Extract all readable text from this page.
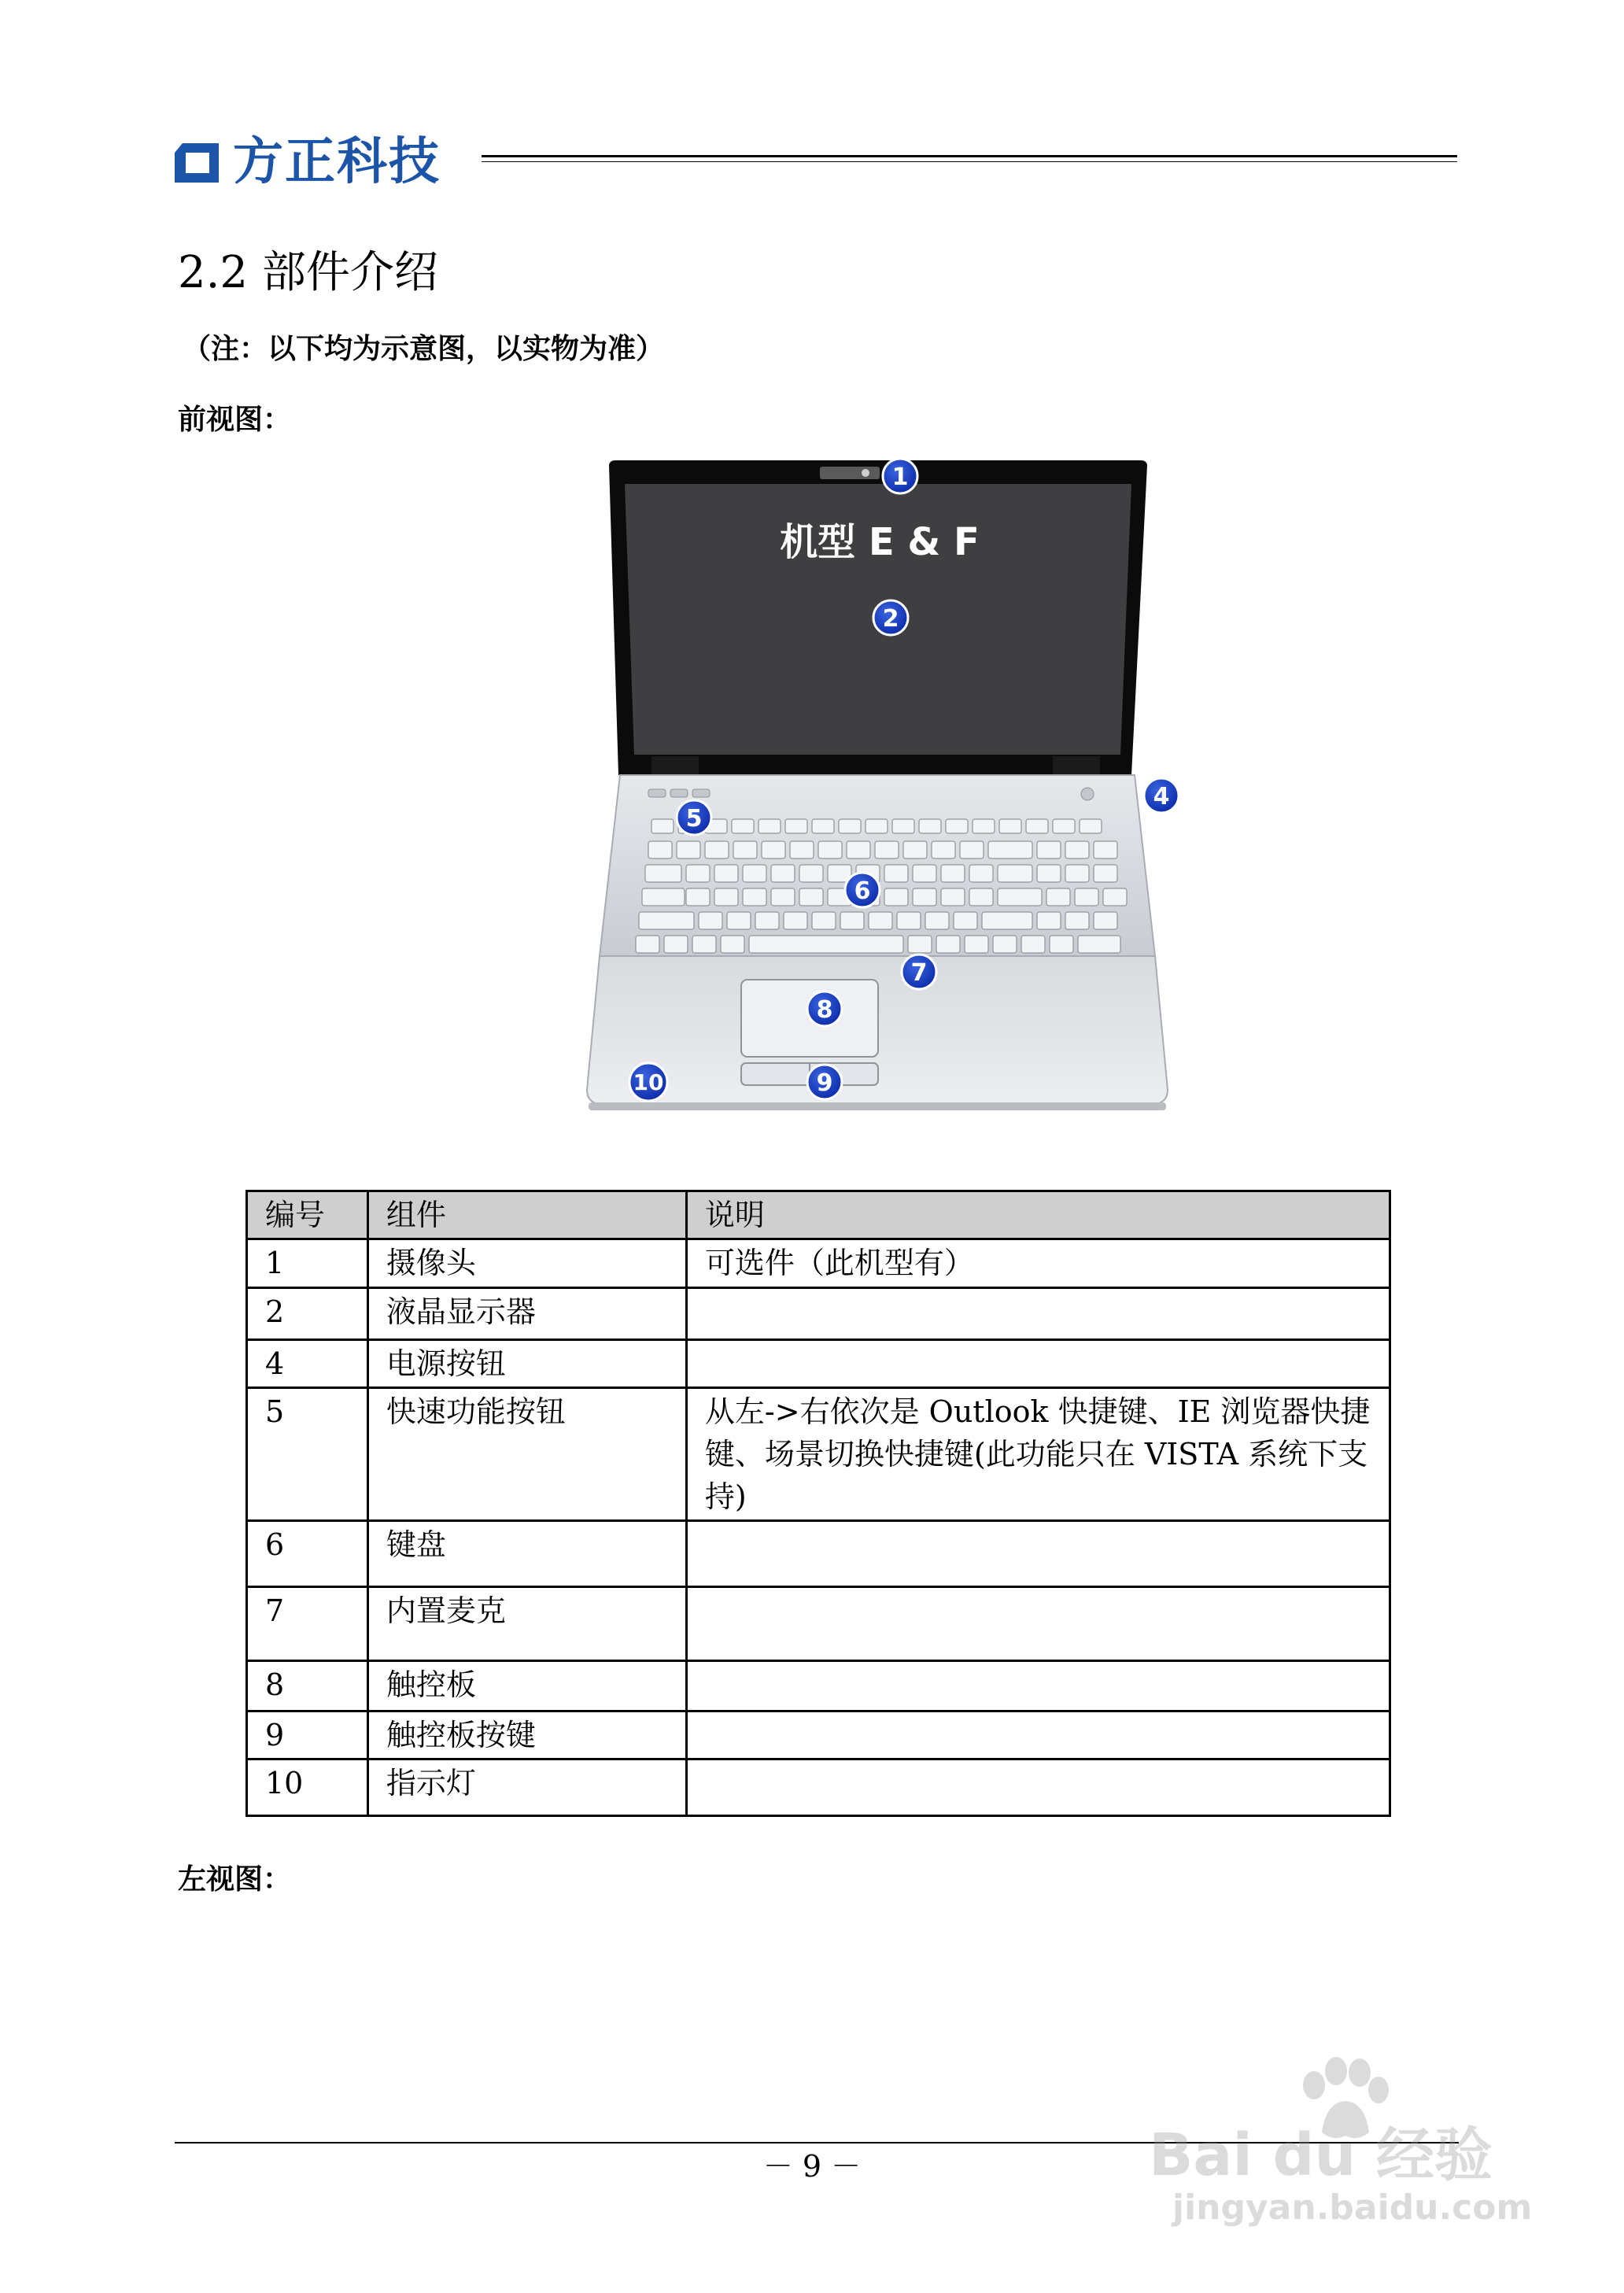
方正科技
2.2 部件介绍
（注：以下均为示意图，以实物为准）
前视图：
机型 E & F
1
2
4
5
6
7
8
9
10
编号	组件	说明
1	摄像头	可选件（此机型有）
2	液晶显示器	
4	电源按钮	
5	快速功能按钮	从左->右依次是 Outlook 快捷键、IE 浏览器快捷键、场景切换快捷键(此功能只在 VISTA 系统下支持)
6	键盘	
7	内置麦克	
8	触控板	
9	触控板按键	
10	指示灯	
左视图：
－ 9 －	Bai du 经验
jingyan.baidu.com
